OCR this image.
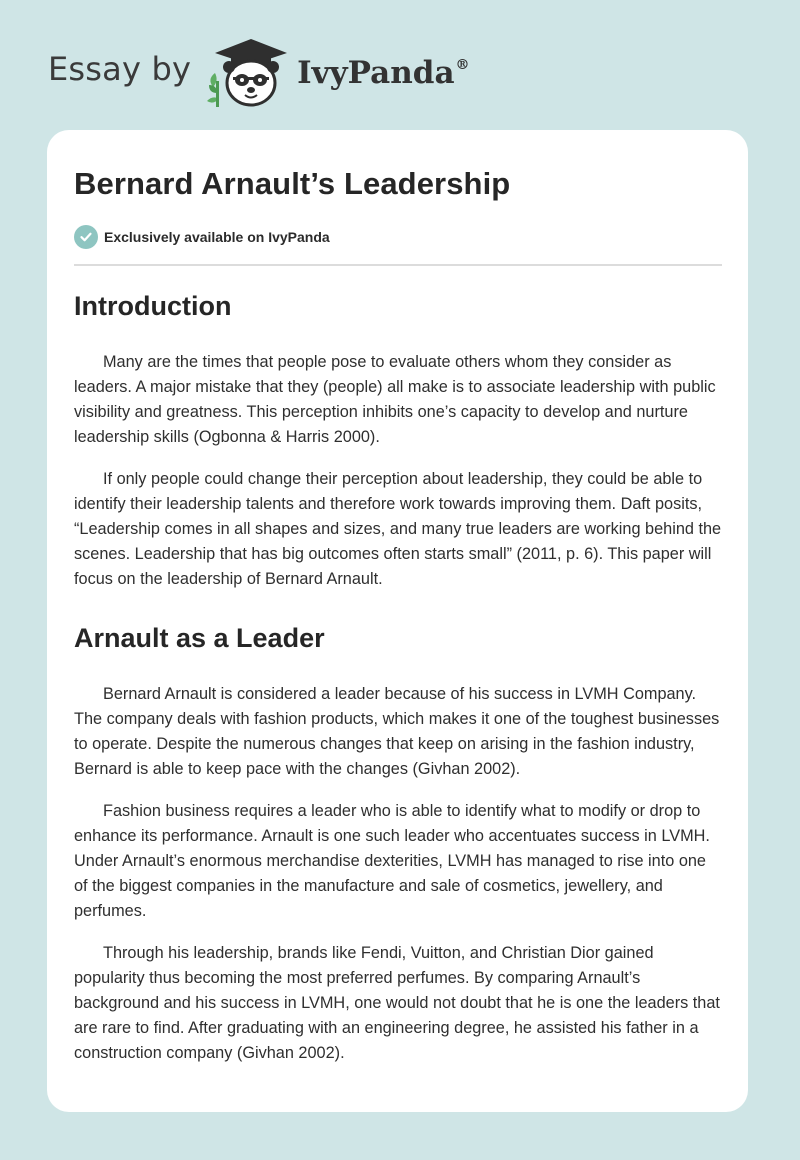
Essay by	IvyPanda®
Bernard Arnault’s Leadership
Exclusively available on IvyPanda
Introduction

Many are the times that people pose to evaluate others whom they consider as leaders. A major mistake that they (people) all make is to associate leadership with public visibility and greatness. This perception inhibits one’s capacity to develop and nurture leadership skills (Ogbonna & Harris 2000).

If only people could change their perception about leadership, they could be able to identify their leadership talents and therefore work towards improving them. Daft posits, “Leadership comes in all shapes and sizes, and many true leaders are working behind the scenes. Leadership that has big outcomes often starts small” (2011, p. 6). This paper will focus on the leadership of Bernard Arnault.

Arnault as a Leader

Bernard Arnault is considered a leader because of his success in LVMH Company. The company deals with fashion products, which makes it one of the toughest businesses to operate. Despite the numerous changes that keep on arising in the fashion industry, Bernard is able to keep pace with the changes (Givhan 2002).

Fashion business requires a leader who is able to identify what to modify or drop to enhance its performance. Arnault is one such leader who accentuates success in LVMH. Under Arnault’s enormous merchandise dexterities, LVMH has managed to rise into one of the biggest companies in the manufacture and sale of cosmetics, jewellery, and perfumes.

Through his leadership, brands like Fendi, Vuitton, and Christian Dior gained popularity thus becoming the most preferred perfumes. By comparing Arnault’s background and his success in LVMH, one would not doubt that he is one the leaders that are rare to find. After graduating with an engineering degree, he assisted his father in a construction company (Givhan 2002).
